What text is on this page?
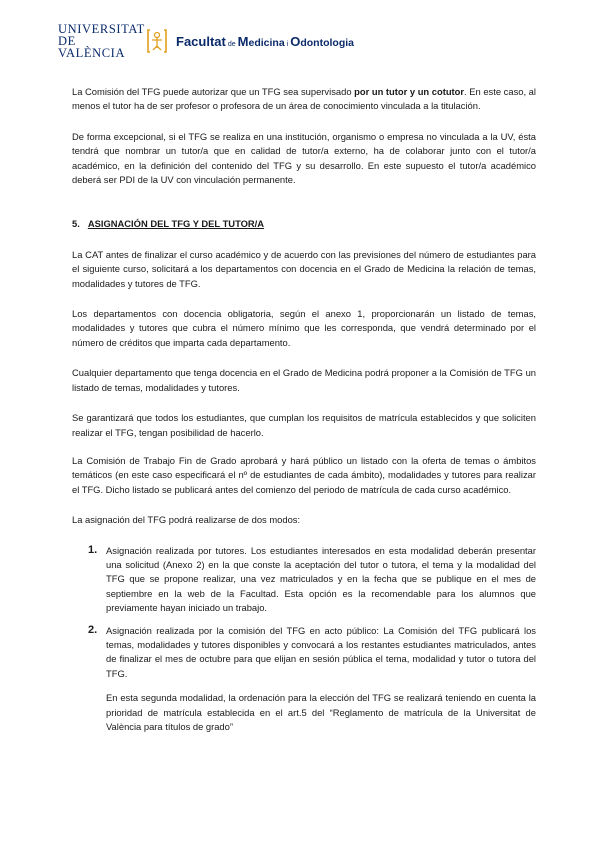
UNIVERSITAT
DE VALÈNCIA
Facultat de Medicina i Odontologia

La Comisión del TFG puede autorizar que un TFG sea supervisado por un tutor y un cotutor. En este caso, al menos el tutor ha de ser profesor o profesora de un área de conocimiento vinculada a la titulación.

De forma excepcional, si el TFG se realiza en una institución, organismo o empresa no vinculada a la UV, ésta tendrá que nombrar un tutor/a que en calidad de tutor/a externo, ha de colaborar junto con el tutor/a académico, en la definición del contenido del TFG y su desarrollo. En este supuesto el tutor/a académico deberá ser PDI de la UV con vinculación permanente.

5. ASIGNACIÓN DEL TFG Y DEL TUTOR/A

La CAT antes de finalizar el curso académico y de acuerdo con las previsiones del número de estudiantes para el siguiente curso, solicitará a los departamentos con docencia en el Grado de Medicina la relación de temas, modalidades y tutores de TFG.

Los departamentos con docencia obligatoria, según el anexo 1, proporcionarán un listado de temas, modalidades y tutores que cubra el número mínimo que les corresponda, que vendrá determinado por el número de créditos que imparta cada departamento.

Cualquier departamento que tenga docencia en el Grado de Medicina podrá proponer a la Comisión de TFG un listado de temas, modalidades y tutores.

Se garantizará que todos los estudiantes, que cumplan los requisitos de matrícula establecidos y que soliciten realizar el TFG, tengan posibilidad de hacerlo.

La Comisión de Trabajo Fin de Grado aprobará y hará público un listado con la oferta de temas o ámbitos temáticos (en este caso especificará el nº de estudiantes de cada ámbito), modalidades y tutores para realizar el TFG. Dicho listado se publicará antes del comienzo del periodo de matrícula de cada curso académico.

La asignación del TFG podrá realizarse de dos modos:

1. Asignación realizada por tutores. Los estudiantes interesados en esta modalidad deberán presentar una solicitud (Anexo 2) en la que conste la aceptación del tutor o tutora, el tema y la modalidad del TFG que se propone realizar, una vez matriculados y en la fecha que se publique en el mes de septiembre en la web de la Facultad. Esta opción es la recomendable para los alumnos que previamente hayan iniciado un trabajo.

2. Asignación realizada por la comisión del TFG en acto público: La Comisión del TFG publicará los temas, modalidades y tutores disponibles y convocará a los restantes estudiantes matriculados, antes de finalizar el mes de octubre para que elijan en sesión pública el tema, modalidad y tutor o tutora del TFG.

En esta segunda modalidad, la ordenación para la elección del TFG se realizará teniendo en cuenta la prioridad de matrícula establecida en el art.5 del “Reglamento de matrícula de la Universitat de València para títulos de grado”
